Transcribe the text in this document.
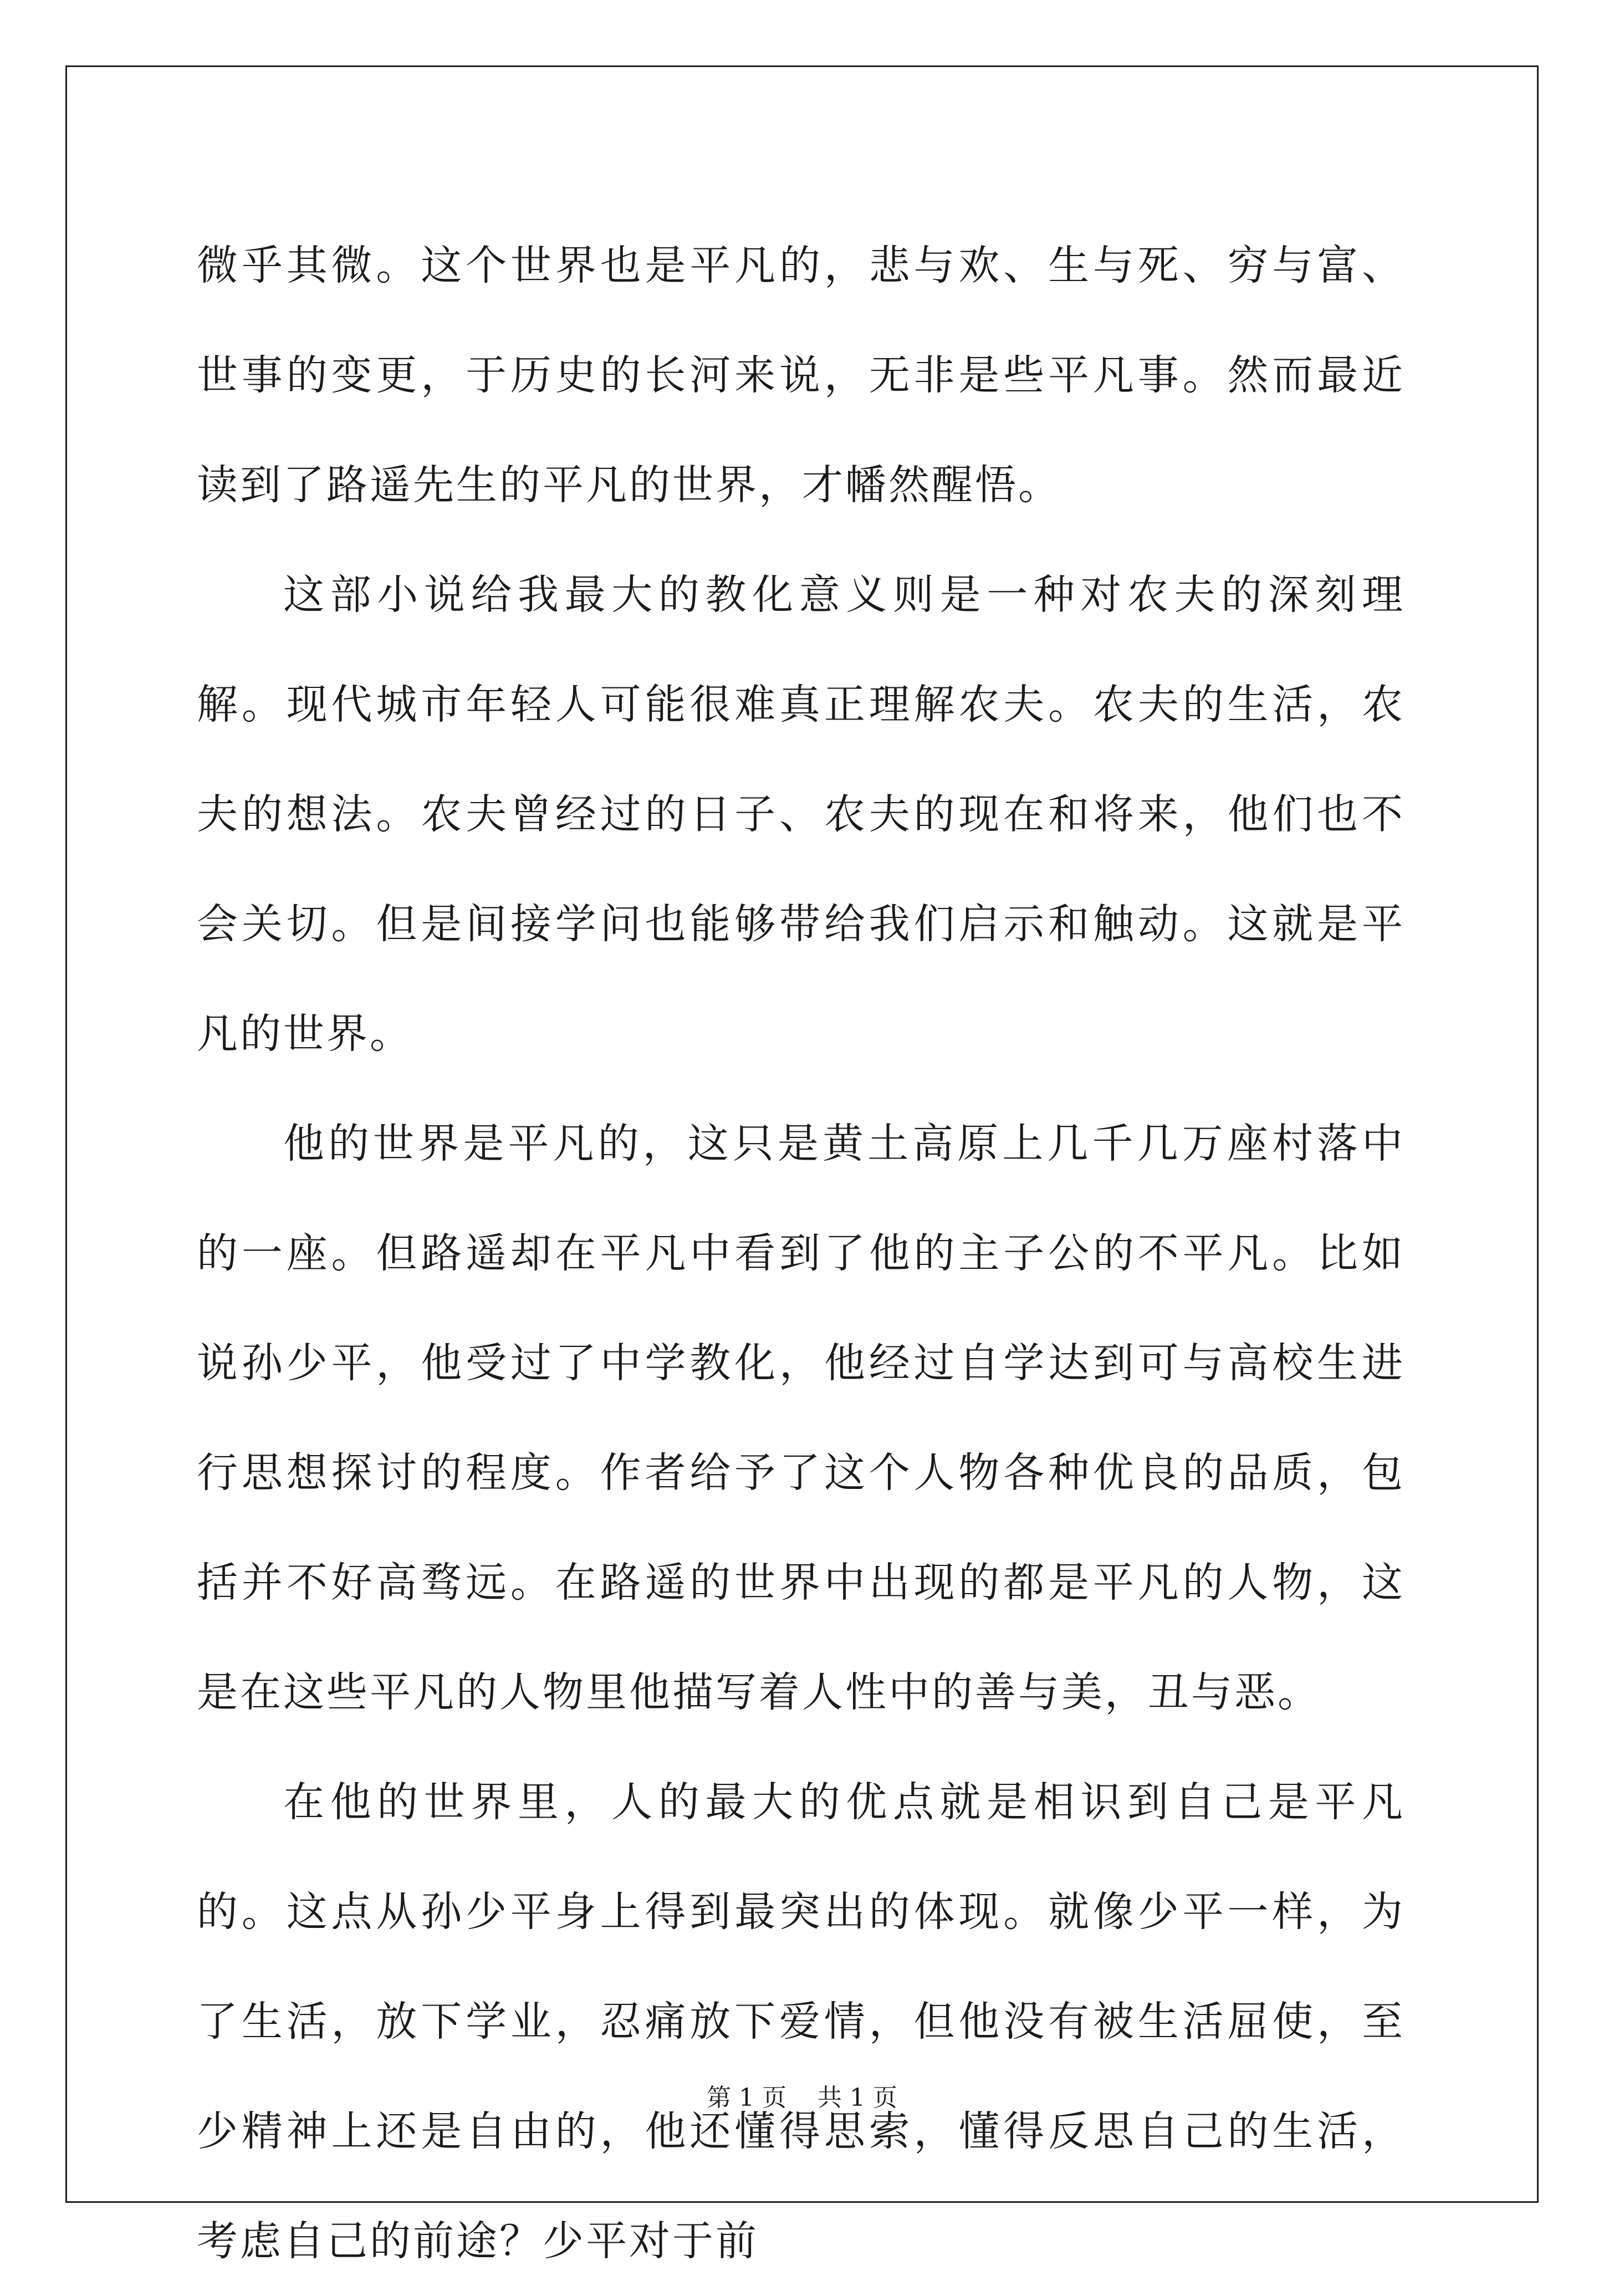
微乎其微。这个世界也是平凡的，悲与欢、生与死、穷与富、世事的变更，于历史的长河来说，无非是些平凡事。然而最近读到了路遥先生的平凡的世界，才幡然醒悟。

这部小说给我最大的教化意义则是一种对农夫的深刻理解。现代城市年轻人可能很难真正理解农夫。农夫的生活，农夫的想法。农夫曾经过的日子、农夫的现在和将来，他们也不会关切。但是间接学问也能够带给我们启示和触动。这就是平凡的世界。

他的世界是平凡的，这只是黄土高原上几千几万座村落中的一座。但路遥却在平凡中看到了他的主子公的不平凡。比如说孙少平，他受过了中学教化，他经过自学达到可与高校生进行思想探讨的程度。作者给予了这个人物各种优良的品质，包括并不好高骛远。在路遥的世界中出现的都是平凡的人物，这是在这些平凡的人物里他描写着人性中的善与美，丑与恶。

在他的世界里，人的最大的优点就是相识到自己是平凡的。这点从孙少平身上得到最突出的体现。就像少平一样，为了生活，放下学业，忍痛放下爱情，但他没有被生活屈使，至少精神上还是自由的，他还懂得思索，懂得反思自己的生活，考虑自己的前途？少平对于前

第 1 页    共 1 页
